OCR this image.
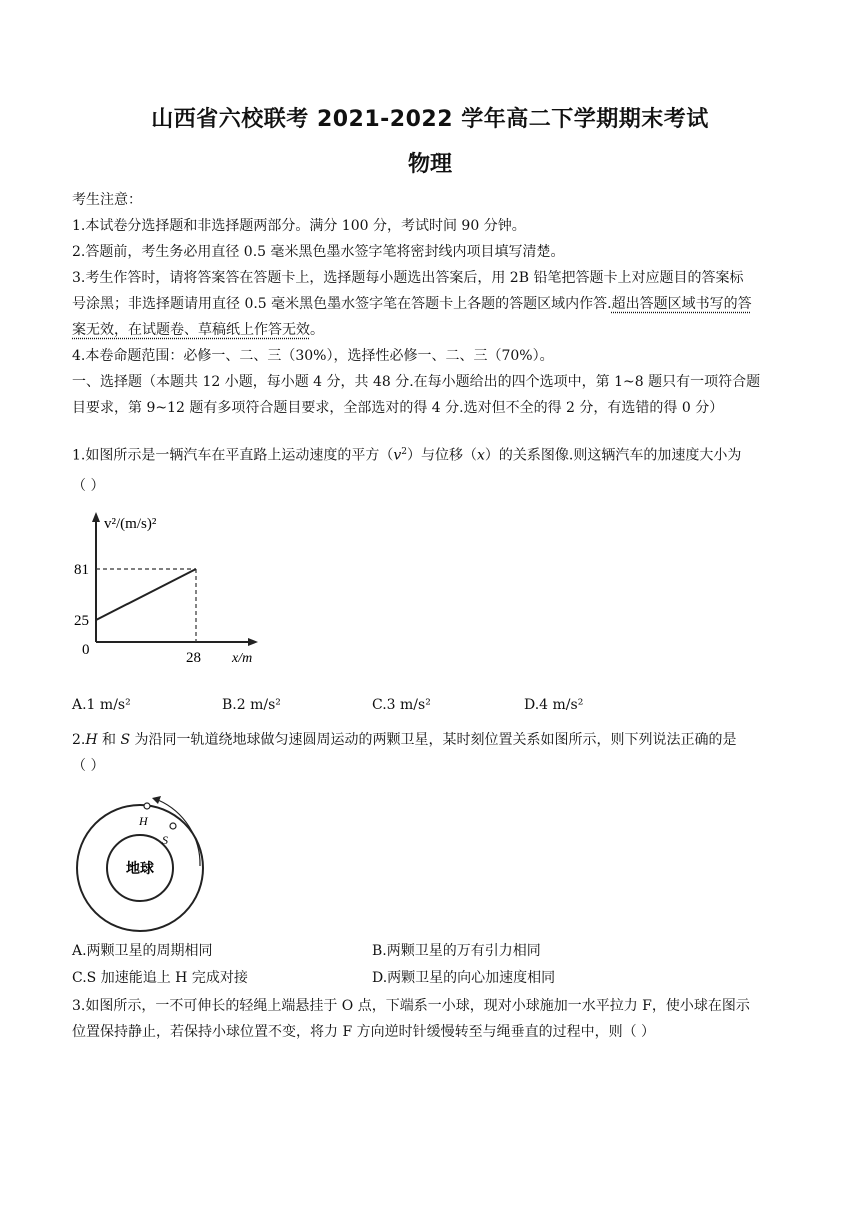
山西省六校联考 2021-2022 学年高二下学期期末考试
物理
考生注意：
1.本试卷分选择题和非选择题两部分。满分 100 分，考试时间 90 分钟。
2.答题前，考生务必用直径 0.5 毫米黑色墨水签字笔将密封线内项目填写清楚。
3.考生作答时，请将答案答在答题卡上，选择题每小题选出答案后，用 2B 铅笔把答题卡上对应题目的答案标
号涂黑；非选择题请用直径 0.5 毫米黑色墨水签字笔在答题卡上各题的答题区域内作答.超出答题区域书写的答
案无效，在试题卷、草稿纸上作答无效。
4.本卷命题范围：必修一、二、三（30%），选择性必修一、二、三（70%）。
一、选择题（本题共 12 小题，每小题 4 分，共 48 分.在每小题给出的四个选项中，第 1~8 题只有一项符合题
目要求，第 9~12 题有多项符合题目要求，全部选对的得 4 分.选对但不全的得 2 分，有选错的得 0 分）
1.如图所示是一辆汽车在平直路上运动速度的平方$(v^2)$与位移（x）的关系图像.则这辆汽车的加速度大小为
（ ）
v²/(m/s)²
81
25
0	28 x/m
A.1 m/s²	B.2 m/s²	C.3 m/s²	D.4 m/s²
2.H 和 S 为沿同一轨道绕地球做匀速圆周运动的两颗卫星，某时刻位置关系如图所示，则下列说法正确的是
（ ）
地球
H
S
A.两颗卫星的周期相同	B.两颗卫星的万有引力相同
C.S 加速能追上 H 完成对接	D.两颗卫星的向心加速度相同
3.如图所示，一不可伸长的轻绳上端悬挂于 O 点，下端系一小球，现对小球施加一水平拉力 F，使小球在图示
位置保持静止，若保持小球位置不变，将力 F 方向逆时针缓慢转至与绳垂直的过程中，则（ ）
